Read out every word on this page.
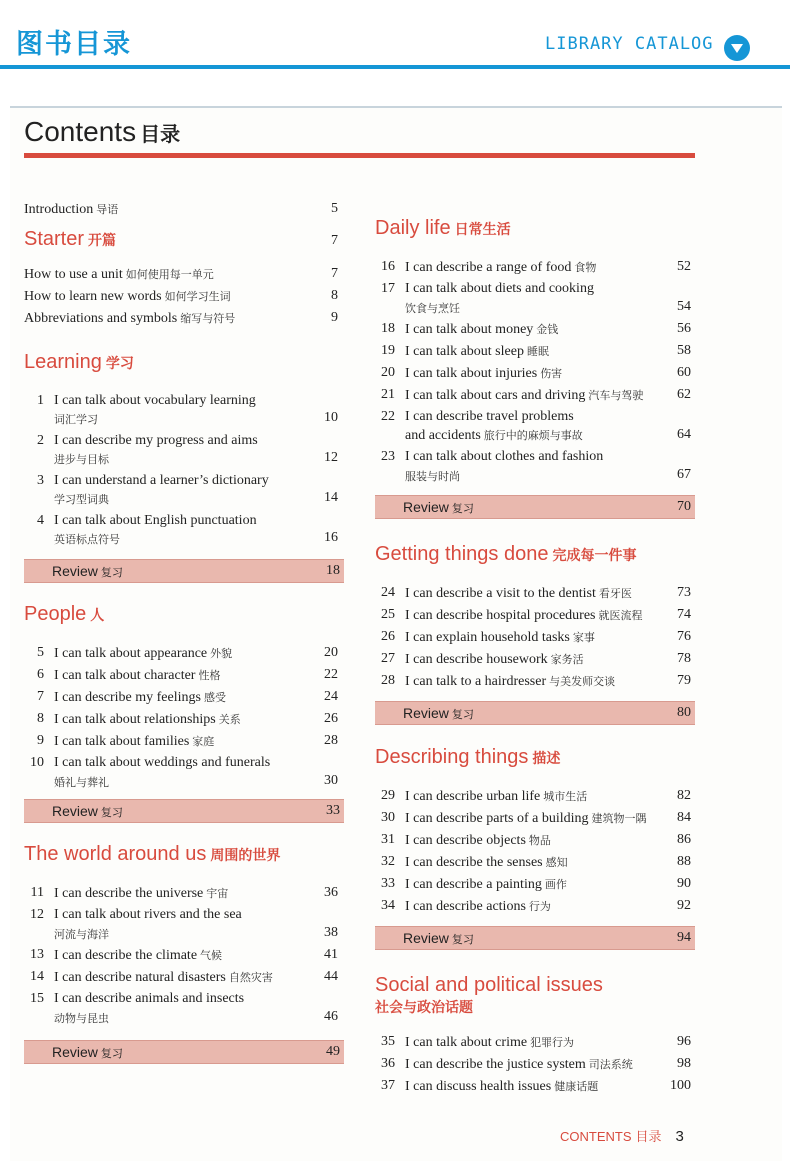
图书目录	LIBRARY CATALOG
Contents 目录
Introduction 导语	5
Starter 开篇	7
How to use a unit 如何使用每一单元	7
How to learn new words 如何学习生词	8
Abbreviations and symbols 缩写与符号	9
Learning 学习
1 I can talk about vocabulary learning
词汇学习	10
2 I can describe my progress and aims
进步与目标	12
3 I can understand a learner’s dictionary
学习型词典	14
4 I can talk about English punctuation
英语标点符号	16
Review 复习	18
People 人
5 I can talk about appearance 外貌	20
6 I can talk about character 性格	22
7 I can describe my feelings 感受	24
8 I can talk about relationships 关系	26
9 I can talk about families 家庭	28
10 I can talk about weddings and funerals
婚礼与葬礼	30
Review 复习	33
The world around us 周围的世界
11 I can describe the universe 宇宙	36
12 I can talk about rivers and the sea
河流与海洋	38
13 I can describe the climate 气候	41
14 I can describe natural disasters 自然灾害	44
15 I can describe animals and insects
动物与昆虫	46
Review 复习	49
Daily life 日常生活
16 I can describe a range of food 食物	52
17 I can talk about diets and cooking
饮食与烹饪	54
18 I can talk about money 金钱	56
19 I can talk about sleep 睡眠	58
20 I can talk about injuries 伤害	60
21 I can talk about cars and driving 汽车与驾驶	62
22 I can describe travel problems
and accidents 旅行中的麻烦与事故	64
23 I can talk about clothes and fashion
服装与时尚	67
Review 复习	70
Getting things done 完成每一件事
24 I can describe a visit to the dentist 看牙医	73
25 I can describe hospital procedures 就医流程	74
26 I can explain household tasks 家事	76
27 I can describe housework 家务活	78
28 I can talk to a hairdresser 与美发师交谈	79
Review 复习	80
Describing things 描述
29 I can describe urban life 城市生活	82
30 I can describe parts of a building 建筑物一隅	84
31 I can describe objects 物品	86
32 I can describe the senses 感知	88
33 I can describe a painting 画作	90
34 I can describe actions 行为	92
Review 复习	94
Social and political issues
社会与政治话题
35 I can talk about crime 犯罪行为	96
36 I can describe the justice system 司法系统	98
37 I can discuss health issues 健康话题	100
CONTENTS 目录 3
